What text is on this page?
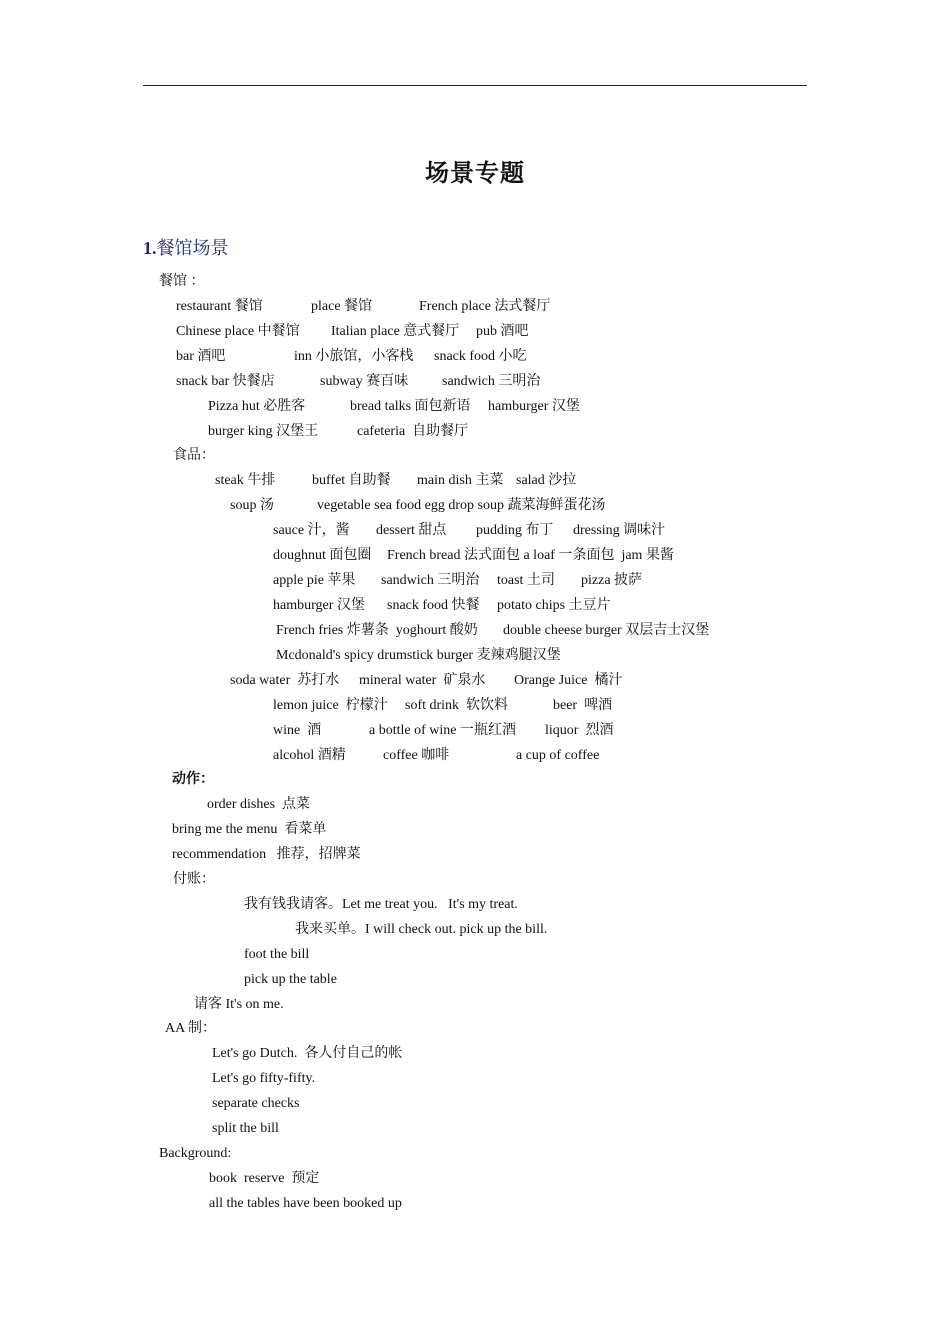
场景专题
1.餐馆场景
餐馆 ：
restaurant 餐馆	place 餐馆	French place 法式餐厅
Chinese place 中餐馆 Italian place 意式餐厅 pub 酒吧
bar 酒吧	inn 小旅馆，小客栈 snack food 小吃
snack bar 快餐店	subway 赛百味 sandwich 三明治
Pizza hut 必胜客	bread talks 面包新语 hamburger 汉堡
burger king 汉堡王	cafeteria  自助餐厅
食品：
steak 牛排	buffet 自助餐 main dish 主菜 salad 沙拉
soup 汤	vegetable sea food egg drop soup 蔬菜海鲜蛋花汤
sauce 汁，酱 dessert 甜点 pudding 布丁 dressing 调味汁
doughnut 面包圈 French bread 法式面包 a loaf 一条面包  jam 果酱
apple pie 苹果 sandwich 三明治 toast 土司 pizza 披萨
hamburger 汉堡 snack food 快餐 potato chips 土豆片
French fries 炸薯条  yoghourt 酸奶 double cheese burger 双层吉士汉堡
Mcdonald's spicy drumstick burger 麦辣鸡腿汉堡
soda water  苏打水 mineral water  矿泉水 Orange Juice  橘汁
lemon juice  柠檬汁 soft drink  软饮料	beer  啤酒
wine  酒	a bottle of wine 一瓶红酒 liquor  烈酒
alcohol 酒精	coffee 咖啡	a cup of coffee
动作：
order dishes  点菜
bring me the menu  看菜单
recommendation   推荐，招牌菜
付账：
我有钱我请客。Let me treat you.   It's my treat.
我来买单。I will check out. pick up the bill.
foot the bill
pick up the table
请客 It's on me.
AA 制：
Let's go Dutch.  各人付自己的帐
Let's go fifty-fifty.
separate checks
split the bill
Background:
book  reserve  预定
all the tables have been booked up
